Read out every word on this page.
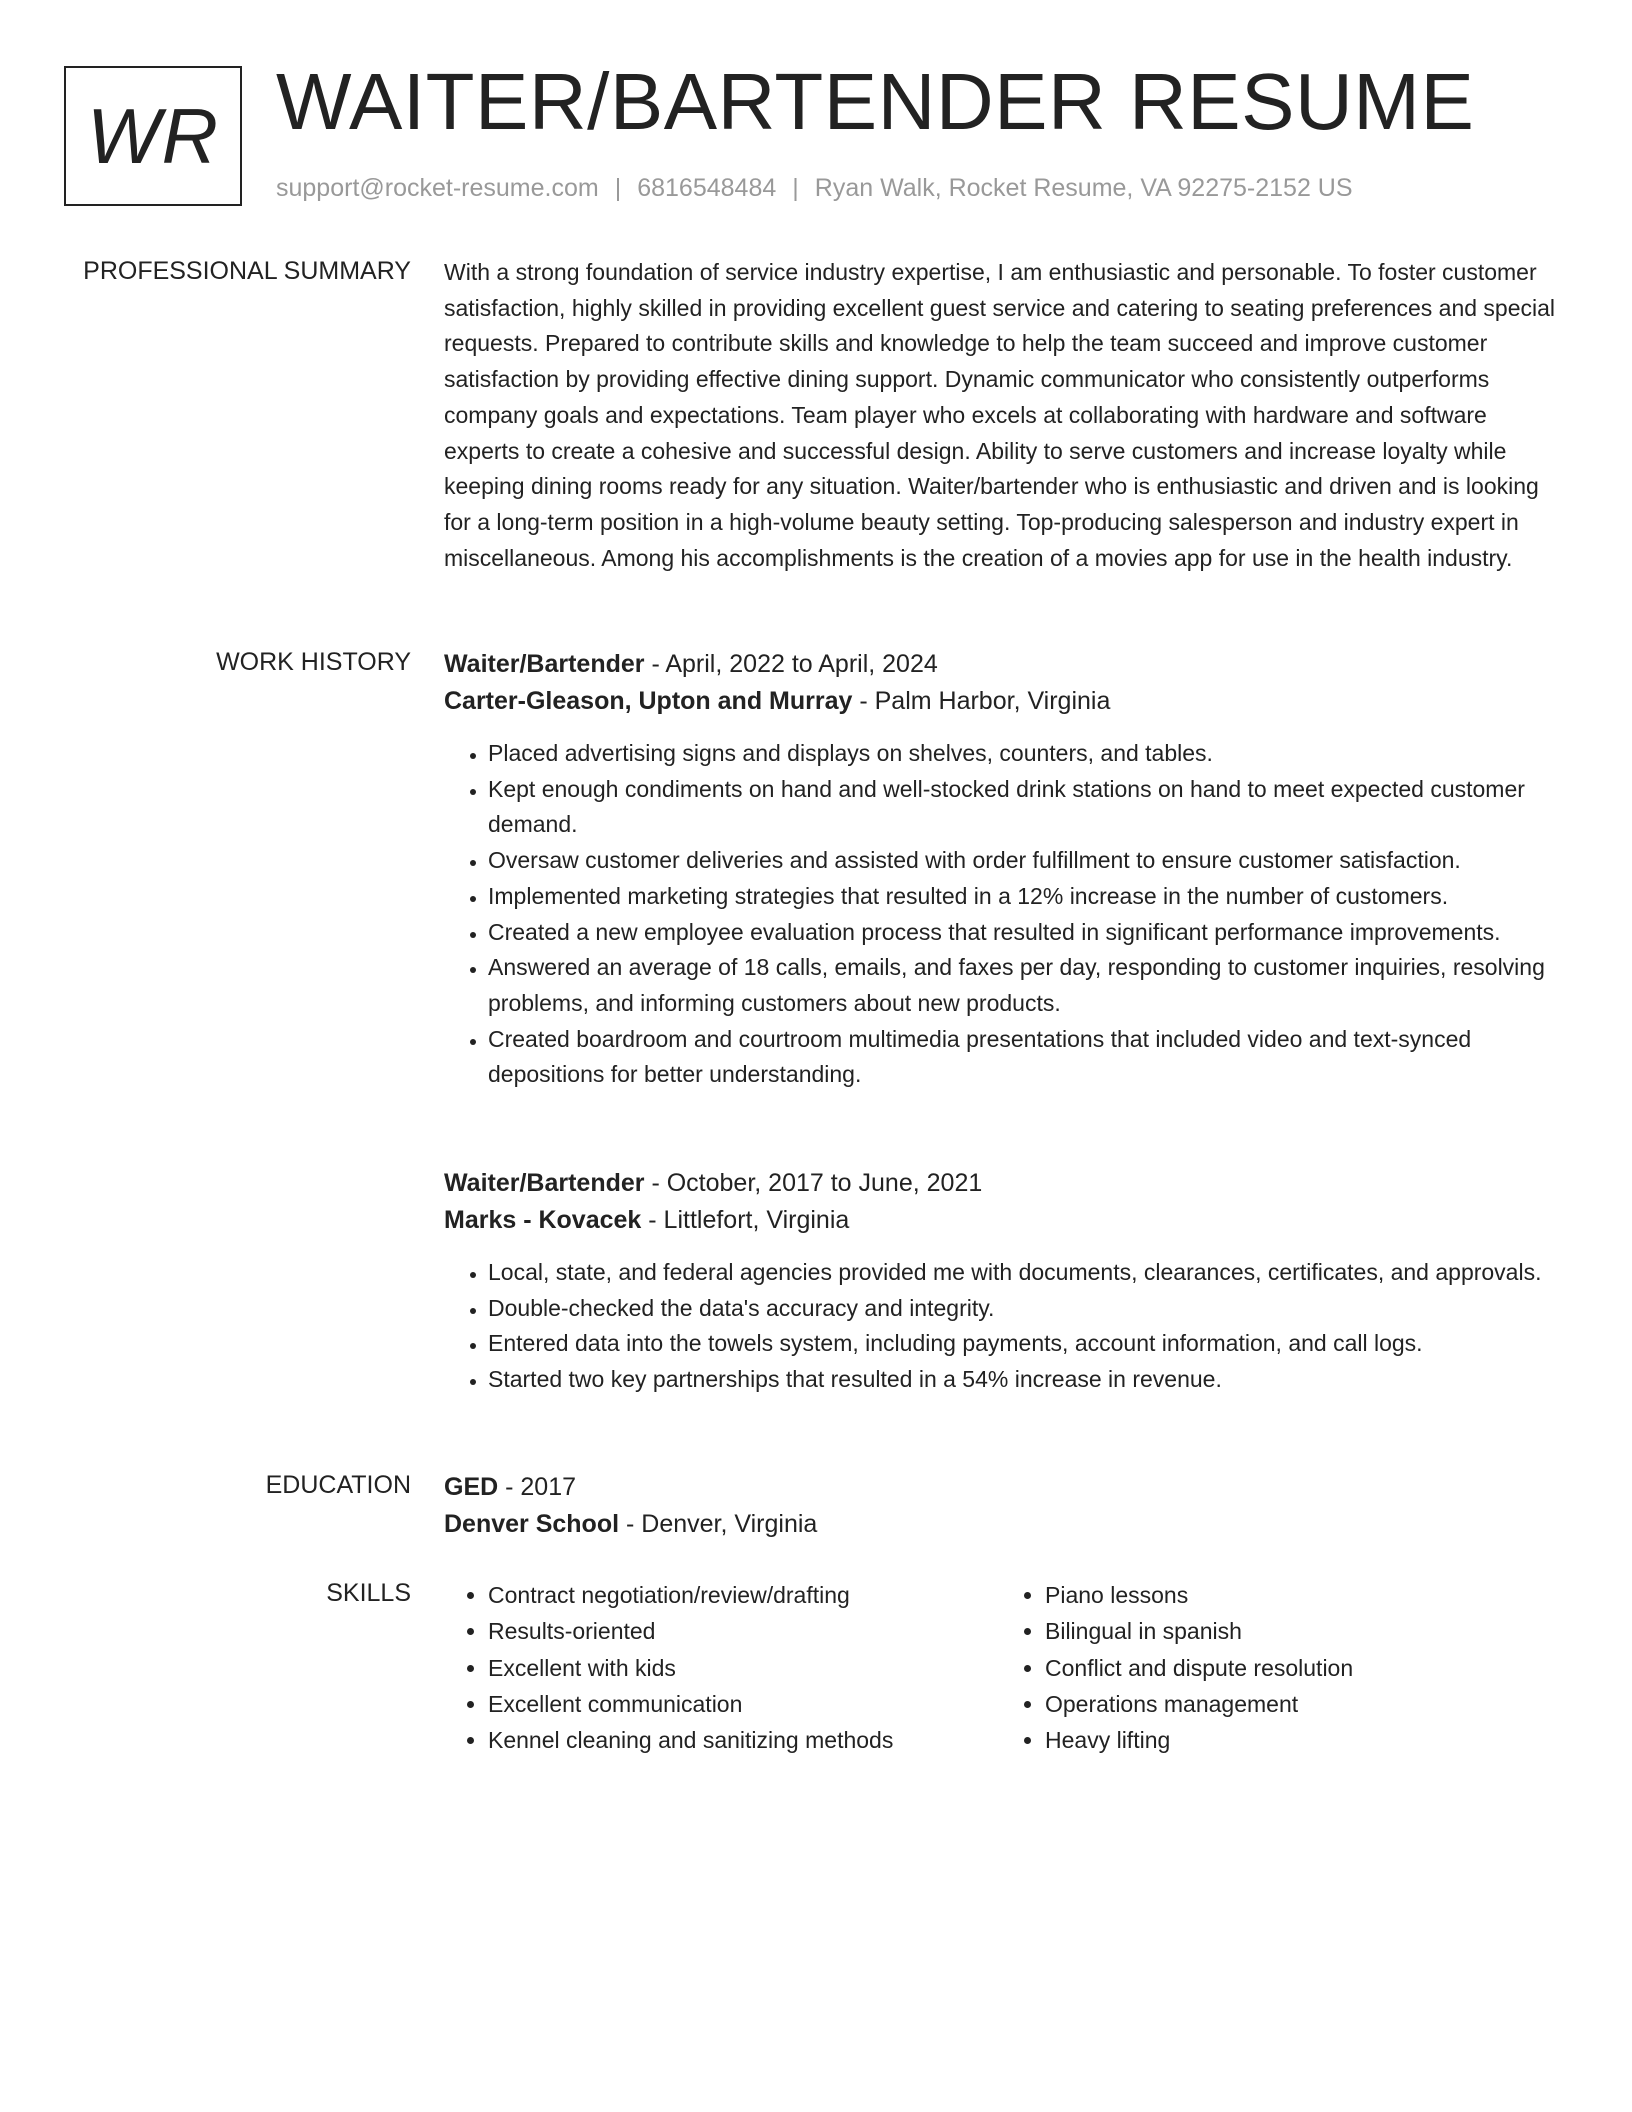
WR WAITER/BARTENDER RESUME
support@rocket-resume.com | 6816548484 | Ryan Walk, Rocket Resume, VA 92275-2152 US
PROFESSIONAL SUMMARY With a strong foundation of service industry expertise, I am enthusiastic and personable. To foster customer satisfaction, highly skilled in providing excellent guest service and catering to seating preferences and special requests. Prepared to contribute skills and knowledge to help the team succeed and improve customer satisfaction by providing effective dining support. Dynamic communicator who consistently outperforms company goals and expectations. Team player who excels at collaborating with hardware and software experts to create a cohesive and successful design. Ability to serve customers and increase loyalty while keeping dining rooms ready for any situation. Waiter/bartender who is enthusiastic and driven and is looking for a long-term position in a high-volume beauty setting. Top-producing salesperson and industry expert in miscellaneous. Among his accomplishments is the creation of a movies app for use in the health industry.

WORK HISTORY Waiter/Bartender - April, 2022 to April, 2024
Carter-Gleason, Upton and Murray - Palm Harbor, Virginia
• Placed advertising signs and displays on shelves, counters, and tables.
• Kept enough condiments on hand and well-stocked drink stations on hand to meet expected customer demand.
• Oversaw customer deliveries and assisted with order fulfillment to ensure customer satisfaction.
• Implemented marketing strategies that resulted in a 12% increase in the number of customers.
• Created a new employee evaluation process that resulted in significant performance improvements.
• Answered an average of 18 calls, emails, and faxes per day, responding to customer inquiries, resolving problems, and informing customers about new products.
• Created boardroom and courtroom multimedia presentations that included video and text-synced depositions for better understanding.
Waiter/Bartender - October, 2017 to June, 2021
Marks - Kovacek - Littlefort, Virginia
• Local, state, and federal agencies provided me with documents, clearances, certificates, and approvals.
• Double-checked the data's accuracy and integrity.
• Entered data into the towels system, including payments, account information, and call logs.
• Started two key partnerships that resulted in a 54% increase in revenue.
EDUCATION GED - 2017
Denver School - Denver, Virginia
SKILLS
•	Contract negotiation/review/drafting
• Results-oriented
• Excellent with kids
• Excellent communication
• Kennel cleaning and sanitizing methods
• Piano lessons
• Bilingual in spanish
• Conflict and dispute resolution
• Operations management
• Heavy lifting
